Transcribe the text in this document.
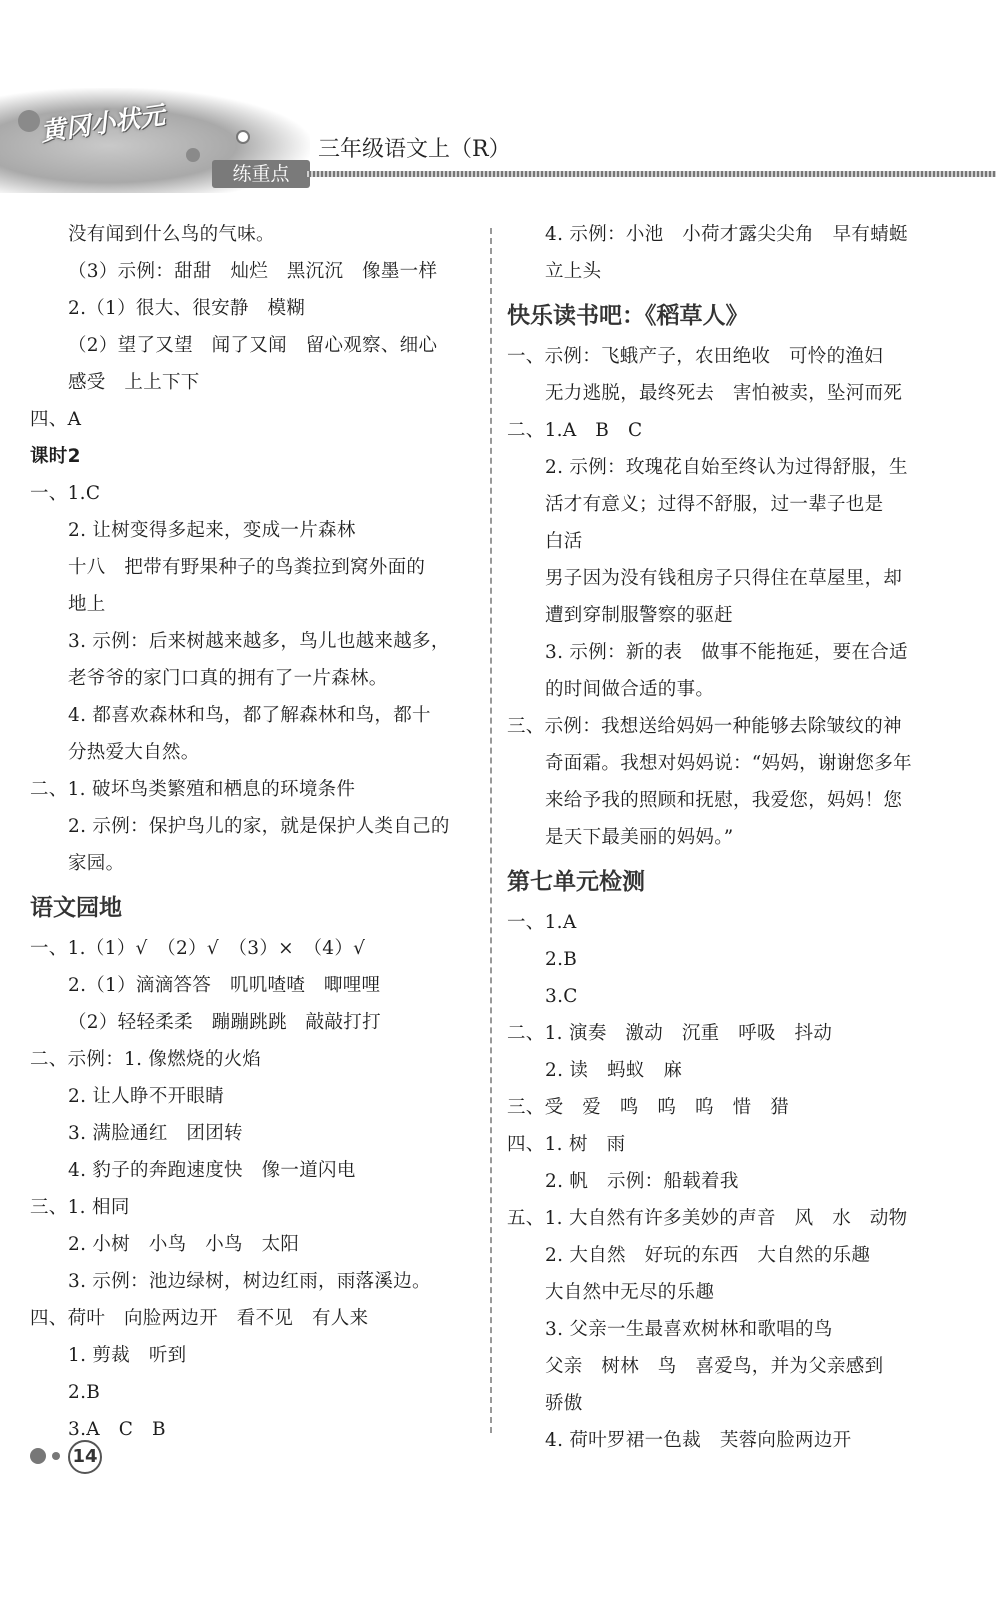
黄冈小状元
练重点
三年级语文上（R）
没有闻到什么鸟的气味。
（3）示例：甜甜　灿烂　黑沉沉　像墨一样
2.（1）很大、很安静　模糊
（2）望了又望　闻了又闻　留心观察、细心
感受　上上下下
四、A
课时2
一、1.C
2. 让树变得多起来，变成一片森林
十八　把带有野果种子的鸟粪拉到窝外面的
地上
3. 示例：后来树越来越多，鸟儿也越来越多，
老爷爷的家门口真的拥有了一片森林。
4. 都喜欢森林和鸟，都了解森林和鸟，都十
分热爱大自然。
二、1. 破坏鸟类繁殖和栖息的环境条件
2. 示例：保护鸟儿的家，就是保护人类自己的
家园。
语文园地
一、1.（1）√　（2）√　（3）×　（4）√
2.（1）滴滴答答　叽叽喳喳　唧哩哩
（2）轻轻柔柔　蹦蹦跳跳　敲敲打打
二、示例：1. 像燃烧的火焰
2. 让人睁不开眼睛
3. 满脸通红　团团转
4. 豹子的奔跑速度快　像一道闪电
三、1. 相同
2. 小树　小鸟　小鸟　太阳
3. 示例：池边绿树，树边红雨，雨落溪边。
四、荷叶　向脸两边开　看不见　有人来
1. 剪裁　听到
2.B
3.A　C　B
4. 示例：小池　小荷才露尖尖角　早有蜻蜓
立上头
快乐读书吧：《稻草人》
一、示例：飞蛾产子，农田绝收　可怜的渔妇
无力逃脱，最终死去　害怕被卖，坠河而死
二、1.A　B　C
2. 示例：玫瑰花自始至终认为过得舒服，生
活才有意义；过得不舒服，过一辈子也是
白活
男子因为没有钱租房子只得住在草屋里，却
遭到穿制服警察的驱赶
3. 示例：新的表　做事不能拖延，要在合适
的时间做合适的事。
三、示例：我想送给妈妈一种能够去除皱纹的神
奇面霜。我想对妈妈说：“妈妈，谢谢您多年
来给予我的照顾和抚慰，我爱您，妈妈！您
是天下最美丽的妈妈。”
第七单元检测
一、1.A
2.B
3.C
二、1. 演奏　激动　沉重　呼吸　抖动
2. 读　蚂蚁　麻
三、受　爱　鸣　呜　呜　惜　猎
四、1. 树　雨
2. 帆　示例：船载着我
五、1. 大自然有许多美妙的声音　风　水　动物
2. 大自然　好玩的东西　大自然的乐趣
大自然中无尽的乐趣
3. 父亲一生最喜欢树林和歌唱的鸟
父亲　树林　鸟　喜爱鸟，并为父亲感到
骄傲
4. 荷叶罗裙一色裁　芙蓉向脸两边开
14
